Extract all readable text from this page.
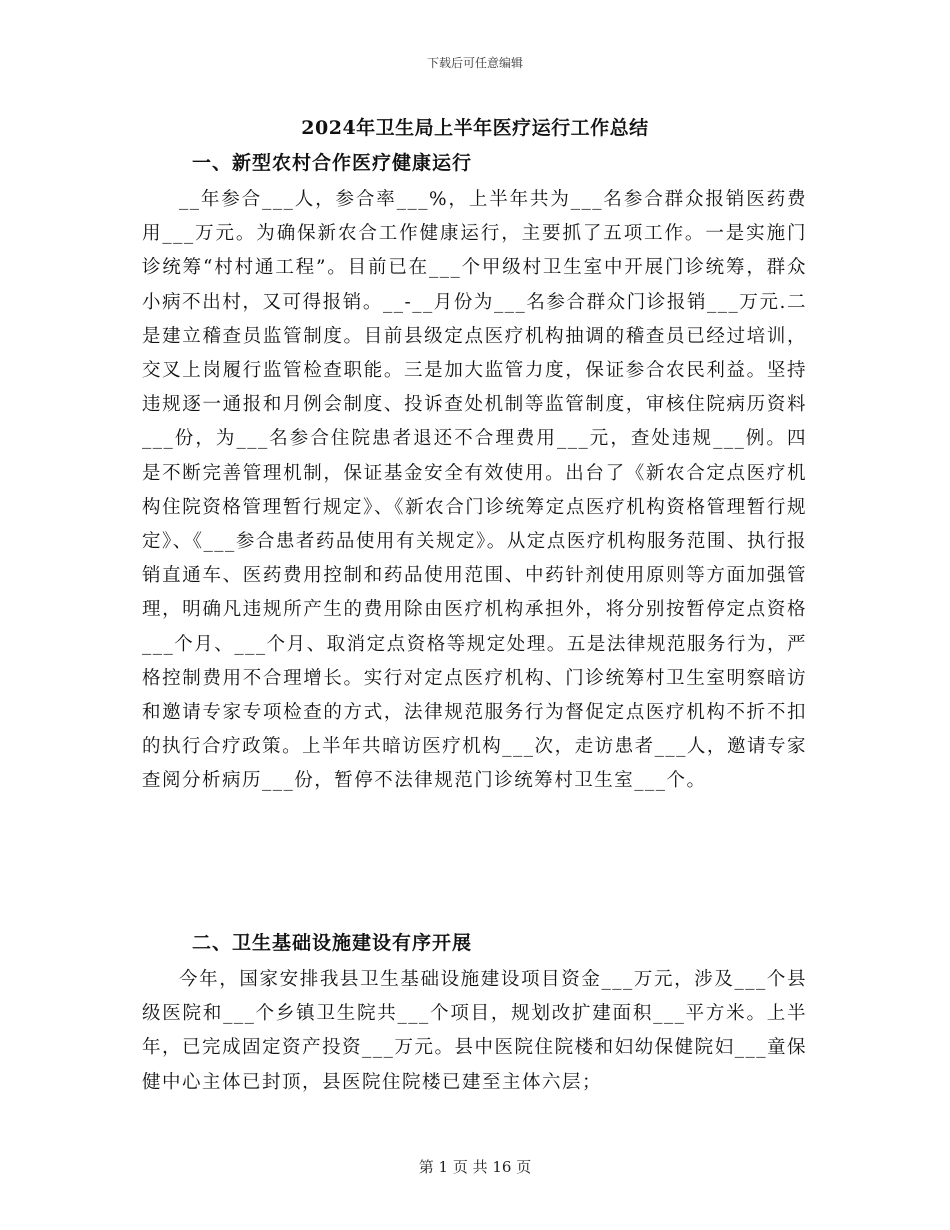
下载后可任意编辑
2024年卫生局上半年医疗运行工作总结
一、新型农村合作医疗健康运行

__年参合___人，参合率___%，上半年共为___名参合群众报销医药费用___万元。为确保新农合工作健康运行，主要抓了五项工作。一是实施门诊统筹“村村通工程”。目前已在___个甲级村卫生室中开展门诊统筹，群众小病不出村，又可得报销。__-__月份为___名参合群众门诊报销___万元.二是建立稽查员监管制度。目前县级定点医疗机构抽调的稽查员已经过培训，交叉上岗履行监管检查职能。三是加大监管力度，保证参合农民利益。坚持违规逐一通报和月例会制度、投诉查处机制等监管制度，审核住院病历资料___份，为___名参合住院患者退还不合理费用___元，查处违规___例。四是不断完善管理机制，保证基金安全有效使用。出台了《新农合定点医疗机构住院资格管理暂行规定》、《新农合门诊统筹定点医疗机构资格管理暂行规定》、《___参合患者药品使用有关规定》。从定点医疗机构服务范围、执行报销直通车、医药费用控制和药品使用范围、中药针剂使用原则等方面加强管理，明确凡违规所产生的费用除由医疗机构承担外，将分别按暂停定点资格___个月、___个月、取消定点资格等规定处理。五是法律规范服务行为，严格控制费用不合理增长。实行对定点医疗机构、门诊统筹村卫生室明察暗访和邀请专家专项检查的方式，法律规范服务行为督促定点医疗机构不折不扣的执行合疗政策。上半年共暗访医疗机构___次，走访患者___人，邀请专家查阅分析病历___份，暂停不法律规范门诊统筹村卫生室___个。

二、卫生基础设施建设有序开展

今年，国家安排我县卫生基础设施建设项目资金___万元，涉及___个县级医院和___个乡镇卫生院共___个项目，规划改扩建面积___平方米。上半年，已完成固定资产投资___万元。县中医院住院楼和妇幼保健院妇___童保健中心主体已封顶，县医院住院楼已建至主体六层；

第 1 页 共 16 页
